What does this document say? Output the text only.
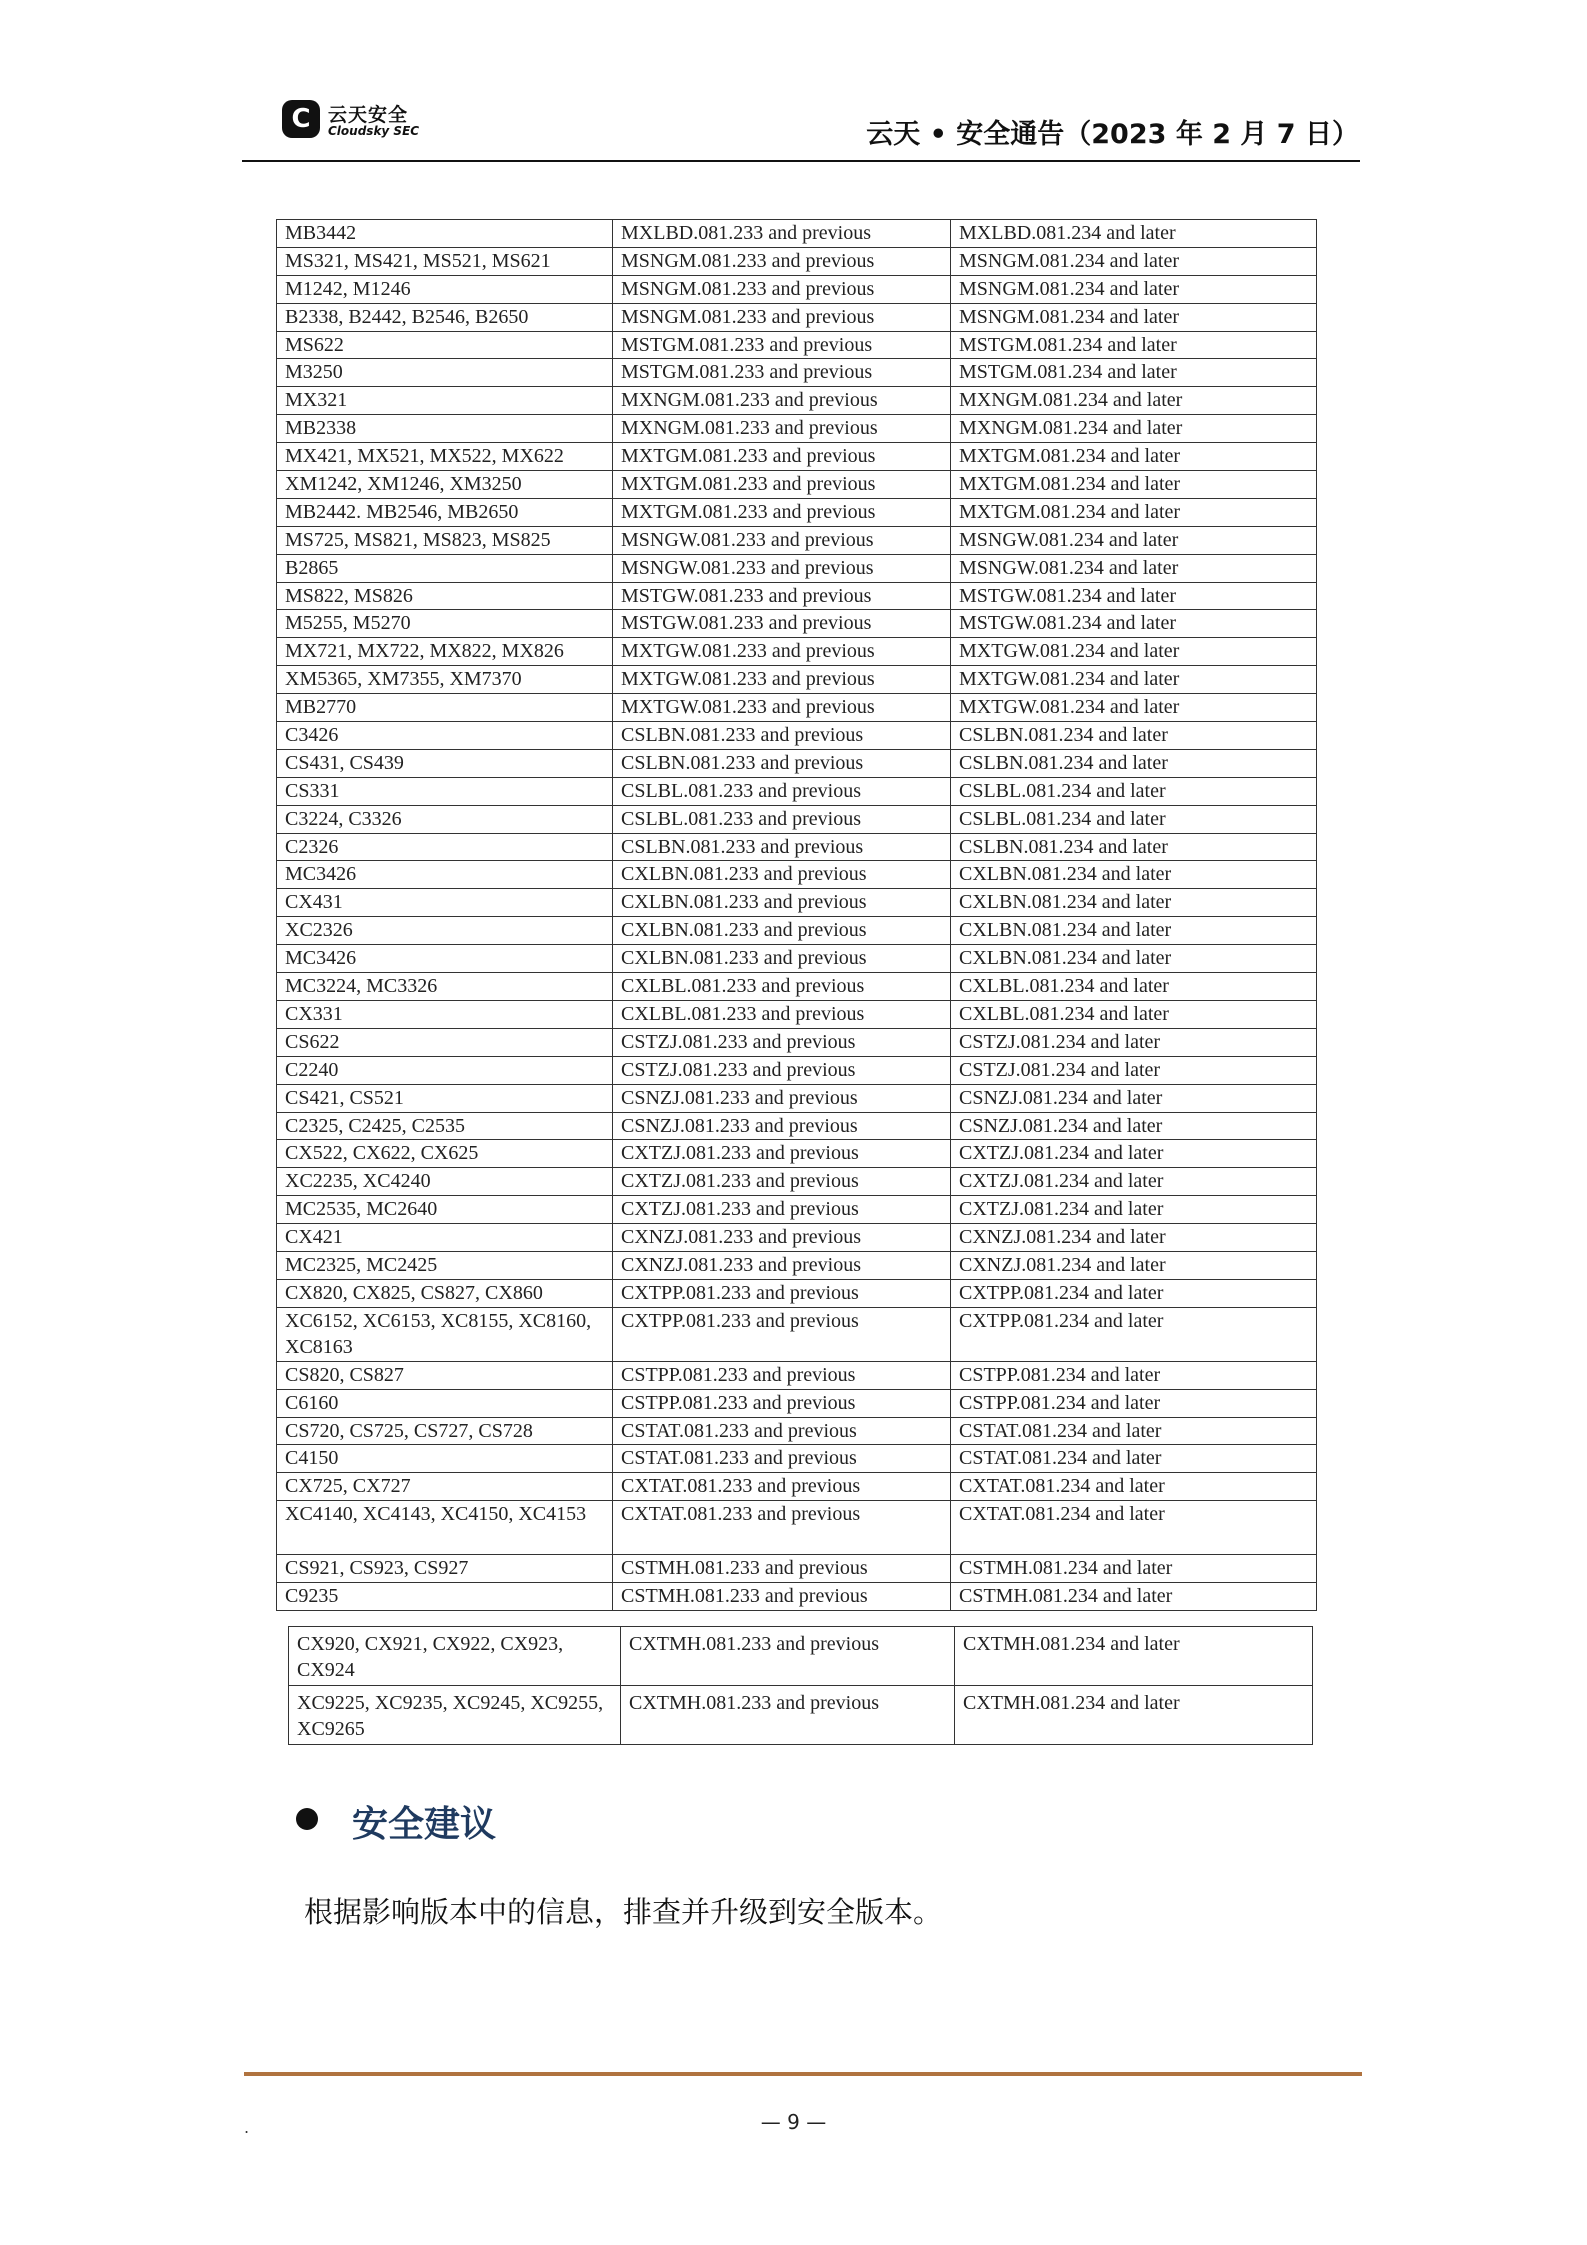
C 云天安全
Cloudsky SEC	云天 • 安全通告（2023 年 2 月 7 日）
MB3442	MXLBD.081.233 and previous	MXLBD.081.234 and later
MS321, MS421, MS521, MS621	MSNGM.081.233 and previous	MSNGM.081.234 and later
M1242, M1246	MSNGM.081.233 and previous	MSNGM.081.234 and later
B2338, B2442, B2546, B2650	MSNGM.081.233 and previous	MSNGM.081.234 and later
MS622	MSTGM.081.233 and previous	MSTGM.081.234 and later
M3250	MSTGM.081.233 and previous	MSTGM.081.234 and later
MX321	MXNGM.081.233 and previous	MXNGM.081.234 and later
MB2338	MXNGM.081.233 and previous	MXNGM.081.234 and later
MX421, MX521, MX522, MX622	MXTGM.081.233 and previous	MXTGM.081.234 and later
XM1242, XM1246, XM3250	MXTGM.081.233 and previous	MXTGM.081.234 and later
MB2442. MB2546, MB2650	MXTGM.081.233 and previous	MXTGM.081.234 and later
MS725, MS821, MS823, MS825	MSNGW.081.233 and previous	MSNGW.081.234 and later
B2865	MSNGW.081.233 and previous	MSNGW.081.234 and later
MS822, MS826	MSTGW.081.233 and previous	MSTGW.081.234 and later
M5255, M5270	MSTGW.081.233 and previous	MSTGW.081.234 and later
MX721, MX722, MX822, MX826	MXTGW.081.233 and previous	MXTGW.081.234 and later
XM5365, XM7355, XM7370	MXTGW.081.233 and previous	MXTGW.081.234 and later
MB2770	MXTGW.081.233 and previous	MXTGW.081.234 and later
C3426	CSLBN.081.233 and previous	CSLBN.081.234 and later
CS431, CS439	CSLBN.081.233 and previous	CSLBN.081.234 and later
CS331	CSLBL.081.233 and previous	CSLBL.081.234 and later
C3224, C3326	CSLBL.081.233 and previous	CSLBL.081.234 and later
C2326	CSLBN.081.233 and previous	CSLBN.081.234 and later
MC3426	CXLBN.081.233 and previous	CXLBN.081.234 and later
CX431	CXLBN.081.233 and previous	CXLBN.081.234 and later
XC2326	CXLBN.081.233 and previous	CXLBN.081.234 and later
MC3426	CXLBN.081.233 and previous	CXLBN.081.234 and later
MC3224, MC3326	CXLBL.081.233 and previous	CXLBL.081.234 and later
CX331	CXLBL.081.233 and previous	CXLBL.081.234 and later
CS622	CSTZJ.081.233 and previous	CSTZJ.081.234 and later
C2240	CSTZJ.081.233 and previous	CSTZJ.081.234 and later
CS421, CS521	CSNZJ.081.233 and previous	CSNZJ.081.234 and later
C2325, C2425, C2535	CSNZJ.081.233 and previous	CSNZJ.081.234 and later
CX522, CX622, CX625	CXTZJ.081.233 and previous	CXTZJ.081.234 and later
XC2235, XC4240	CXTZJ.081.233 and previous	CXTZJ.081.234 and later
MC2535, MC2640	CXTZJ.081.233 and previous	CXTZJ.081.234 and later
CX421	CXNZJ.081.233 and previous	CXNZJ.081.234 and later
MC2325, MC2425	CXNZJ.081.233 and previous	CXNZJ.081.234 and later
CX820, CX825, CS827, CX860	CXTPP.081.233 and previous	CXTPP.081.234 and later
XC6152, XC6153, XC8155, XC8160, XC8163	CXTPP.081.233 and previous	CXTPP.081.234 and later
CS820, CS827	CSTPP.081.233 and previous	CSTPP.081.234 and later
C6160	CSTPP.081.233 and previous	CSTPP.081.234 and later
CS720, CS725, CS727, CS728	CSTAT.081.233 and previous	CSTAT.081.234 and later
C4150	CSTAT.081.233 and previous	CSTAT.081.234 and later
CX725, CX727	CXTAT.081.233 and previous	CXTAT.081.234 and later
XC4140, XC4143, XC4150, XC4153	CXTAT.081.233 and previous	CXTAT.081.234 and later
CS921, CS923, CS927	CSTMH.081.233 and previous	CSTMH.081.234 and later
C9235	CSTMH.081.233 and previous	CSTMH.081.234 and later
CX920, CX921, CX922, CX923, CX924	CXTMH.081.233 and previous	CXTMH.081.234 and later
XC9225, XC9235, XC9245, XC9255, XC9265	CXTMH.081.233 and previous	CXTMH.081.234 and later
安全建议
根据影响版本中的信息，排查并升级到安全版本。
.	— 9 —
